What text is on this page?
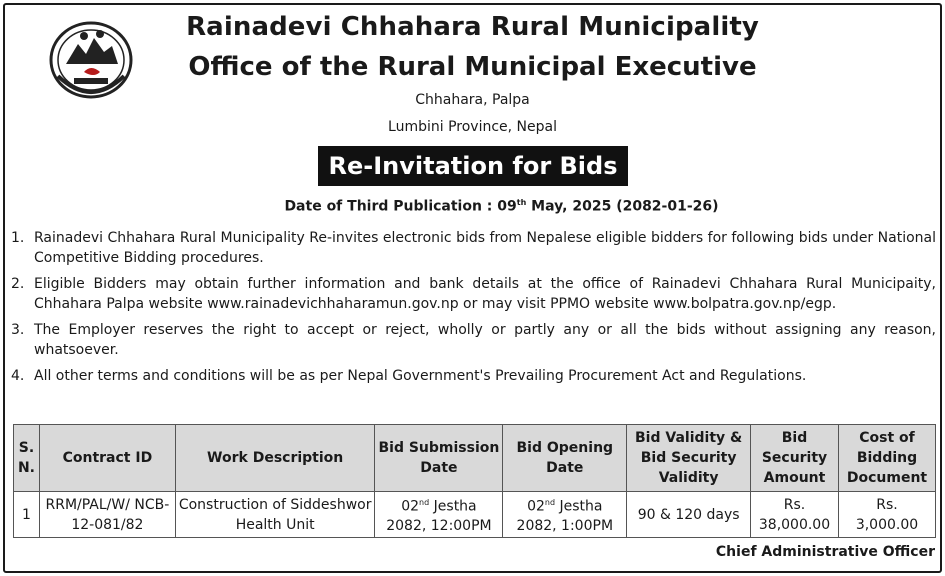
Rainadevi Chhahara Rural Municipality
Office of the Rural Municipal Executive
Chhahara, Palpa
Lumbini Province, Nepal
Re-Invitation for Bids
Date of Third Publication : 09th May, 2025 (2082-01-26)
1. Rainadevi Chhahara Rural Municipality Re-invites electronic bids from Nepalese eligible bidders for following bids under National Competitive Bidding procedures.
2. Eligible Bidders may obtain further information and bank details at the office of Rainadevi Chhahara Rural Municipaity, Chhahara Palpa website www.rainadevichhaharamun.gov.np or may visit PPMO website www.bolpatra.gov.np/egp.
3. The Employer reserves the right to accept or reject, wholly or partly any or all the bids without assigning any reason, whatsoever.
4. All other terms and conditions will be as per Nepal Government's Prevailing Procurement Act and Regulations.
S. N.	Contract ID	Work Description	Bid Submission Date	Bid Opening Date	Bid Validity & Bid Security Validity	Bid Security Amount	Cost of Bidding Document
1	RRM/PAL/W/ NCB-12-081/82	Construction of Siddeshwor Health Unit	02nd Jestha
2082, 12:00PM	02nd Jestha
2082, 1:00PM	90 & 120 days	Rs.
38,000.00	Rs.
3,000.00
Chief Administrative Officer
